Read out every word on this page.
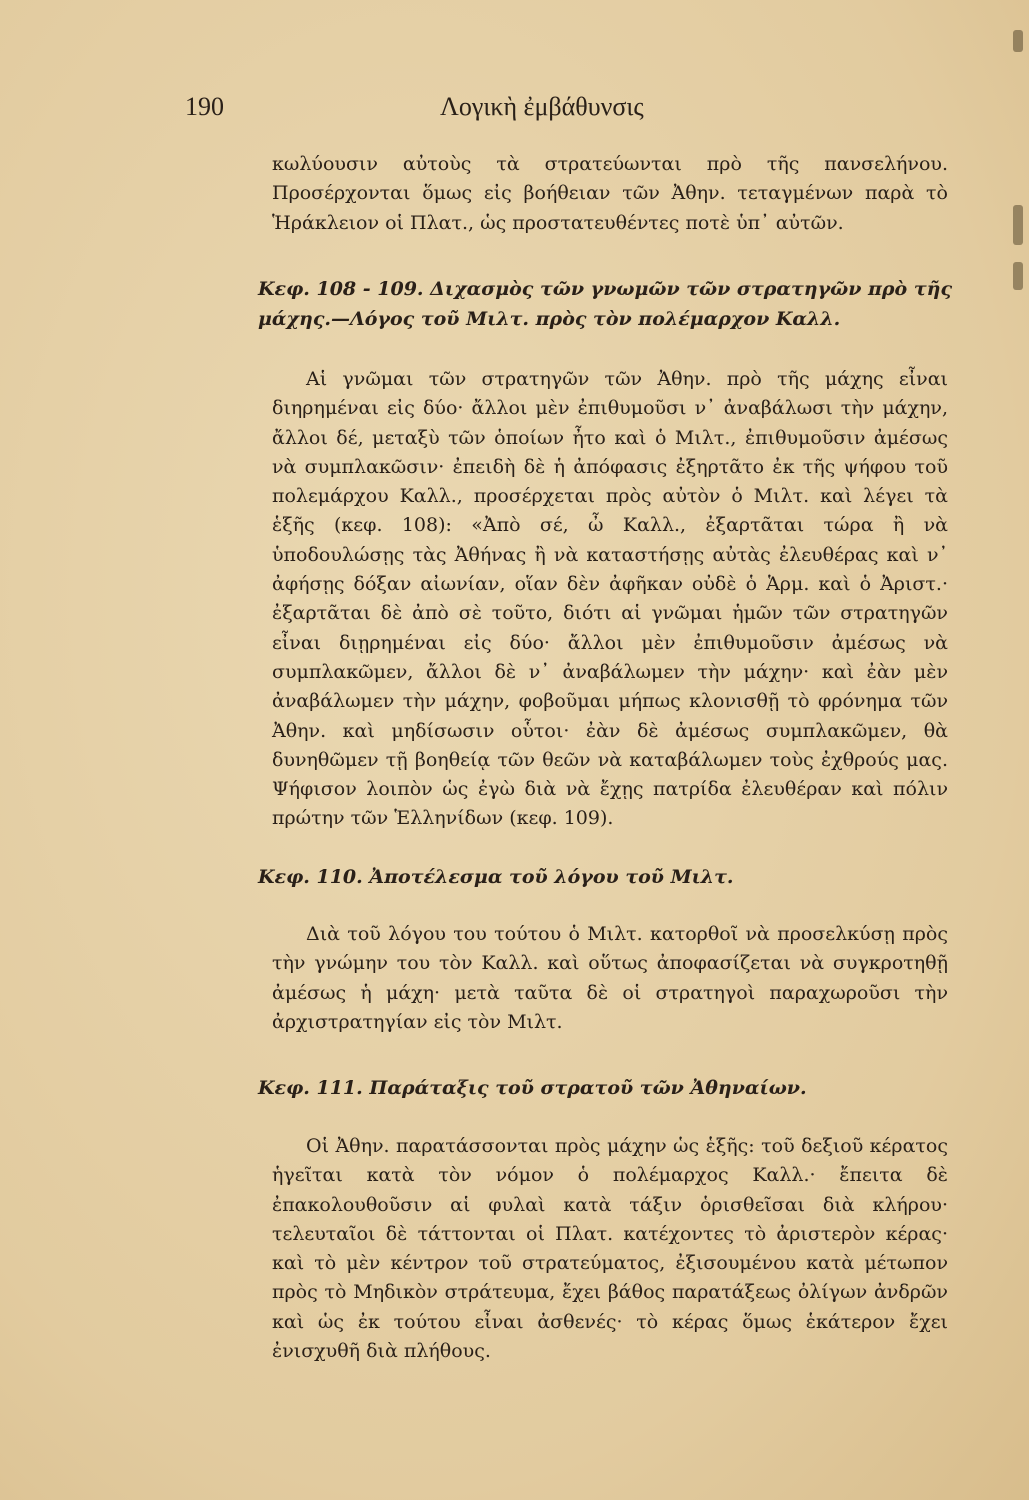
190	Λογικὴ ἐμβάθυνσις

κωλύουσιν αὐτοὺς τὰ στρατεύωνται πρὸ τῆς πανσελήνου. Προσέρχονται ὅμως εἰς βοήθειαν τῶν Ἀθην. τεταγμένων παρὰ τὸ Ἡράκλειον οἱ Πλατ., ὡς προστατευθέντες ποτὲ ὑπ᾽ αὐτῶν.

Κεφ. 108 - 109. Διχασμὸς τῶν γνωμῶν τῶν στρατηγῶν πρὸ τῆς μάχης.—Λόγος τοῦ Μιλτ. πρὸς τὸν πολέμαρχον Καλλ.

Αἱ γνῶμαι τῶν στρατηγῶν τῶν Ἀθην. πρὸ τῆς μάχης εἶναι διηρημέναι εἰς δύο· ἄλλοι μὲν ἐπιθυμοῦσι ν᾽ ἀναβάλωσι τὴν μάχην, ἄλλοι δέ, μεταξὺ τῶν ὁποίων ἦτο καὶ ὁ Μιλτ., ἐπιθυμοῦσιν ἀμέσως νὰ συμπλακῶσιν· ἐπειδὴ δὲ ἡ ἀπόφασις ἐξηρτᾶτο ἐκ τῆς ψήφου τοῦ πολεμάρχου Καλλ., προσέρχεται πρὸς αὐτὸν ὁ Μιλτ. καὶ λέγει τὰ ἑξῆς (κεφ. 108): «Ἀπὸ σέ, ὦ Καλλ., ἐξαρτᾶται τώρα ἢ νὰ ὑποδουλώσῃς τὰς Ἀθήνας ἢ νὰ καταστήσῃς αὐτὰς ἐλευθέρας καὶ ν᾽ ἀφήσῃς δόξαν αἰωνίαν, οἵαν δὲν ἀφῆκαν οὐδὲ ὁ Ἁρμ. καὶ ὁ Ἀριστ.· ἐξαρτᾶται δὲ ἀπὸ σὲ τοῦτο, διότι αἱ γνῶμαι ἡμῶν τῶν στρατηγῶν εἶναι διῃρημέναι εἰς δύο· ἄλλοι μὲν ἐπιθυμοῦσιν ἀμέσως νὰ συμπλακῶμεν, ἄλλοι δὲ ν᾽ ἀναβάλωμεν τὴν μάχην· καὶ ἐὰν μὲν ἀναβάλωμεν τὴν μάχην, φοβοῦμαι μήπως κλονισθῇ τὸ φρόνημα τῶν Ἀθην. καὶ μηδίσωσιν οὗτοι· ἐὰν δὲ ἀμέσως συμπλακῶμεν, θὰ δυνηθῶμεν τῇ βοηθείᾳ τῶν θεῶν νὰ καταβάλωμεν τοὺς ἐχθρούς μας. Ψήφισον λοιπὸν ὡς ἐγὼ διὰ νὰ ἔχῃς πατρίδα ἐλευθέραν καὶ πόλιν πρώτην τῶν Ἑλληνίδων (κεφ. 109).

Κεφ. 110. Ἀποτέλεσμα τοῦ λόγου τοῦ Μιλτ.

Διὰ τοῦ λόγου του τούτου ὁ Μιλτ. κατορθοῖ νὰ προσελκύσῃ πρὸς τὴν γνώμην του τὸν Καλλ. καὶ οὕτως ἀποφασίζεται νὰ συγκροτηθῇ ἀμέσως ἡ μάχη· μετὰ ταῦτα δὲ οἱ στρατηγοὶ παραχωροῦσι τὴν ἀρχιστρατηγίαν εἰς τὸν Μιλτ.

Κεφ. 111. Παράταξις τοῦ στρατοῦ τῶν Ἀθηναίων.

Οἱ Ἀθην. παρατάσσονται πρὸς μάχην ὡς ἑξῆς: τοῦ δεξιοῦ κέρατος ἡγεῖται κατὰ τὸν νόμον ὁ πολέμαρχος Καλλ.· ἔπειτα δὲ ἐπακολουθοῦσιν αἱ φυλαὶ κατὰ τάξιν ὁρισθεῖσαι διὰ κλήρου· τελευταῖοι δὲ τάττονται οἱ Πλατ. κατέχοντες τὸ ἀριστερὸν κέρας· καὶ τὸ μὲν κέντρον τοῦ στρατεύματος, ἐξισουμένου κατὰ μέτωπον πρὸς τὸ Μηδικὸν στράτευμα, ἔχει βάθος παρατάξεως ὀλίγων ἀνδρῶν καὶ ὡς ἐκ τούτου εἶναι ἀσθενές· τὸ κέρας ὅμως ἑκάτερον ἔχει ἐνισχυθῆ διὰ πλήθους.
